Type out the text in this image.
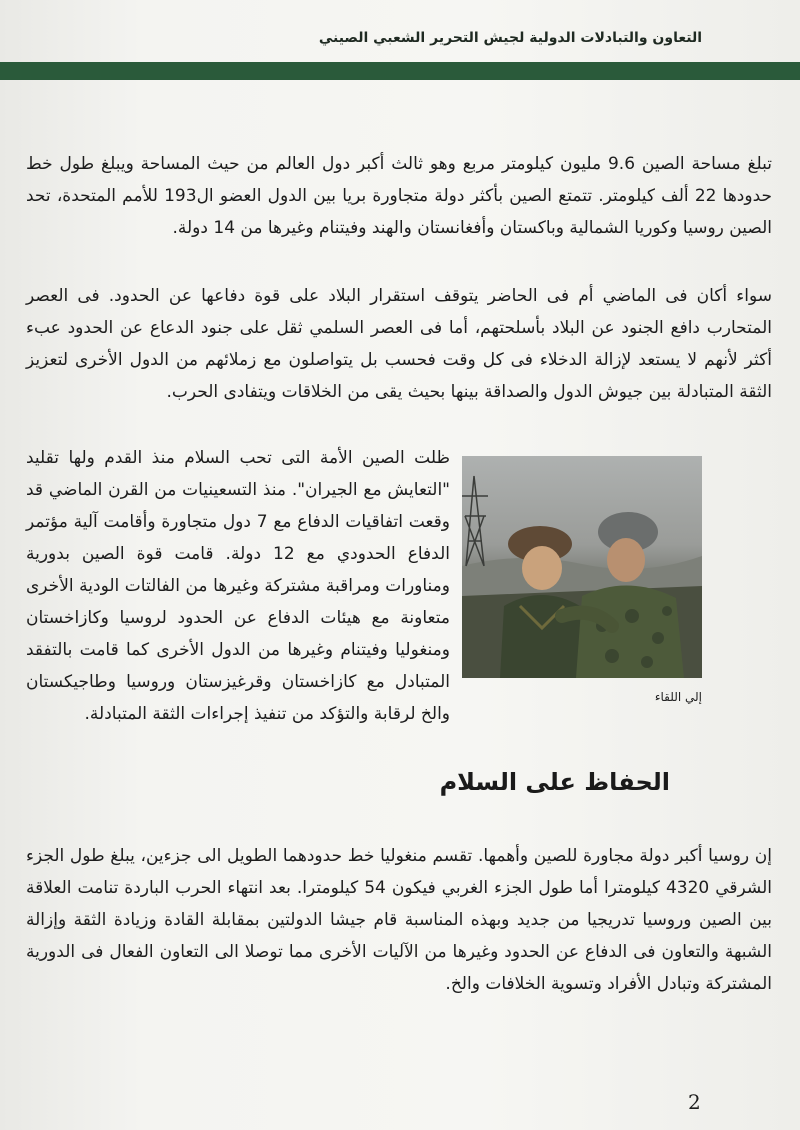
التعاون والتبادلات الدولية لجيش التحرير الشعبي الصيني
تبلغ مساحة الصين 9.6 مليون كيلومتر مربع وهو ثالث أكبر دول العالم من حيث المساحة ويبلغ طول خط حدودها 22 ألف كيلومتر. تتمتع الصين بأكثر دولة متجاورة بريا بين الدول العضو ال193 للأمم المتحدة، تحد الصين روسيا وكوريا الشمالية وباكستان وأفغانستان والهند وفيتنام وغيرها من 14 دولة.
سواء أكان فى الماضي أم فى الحاضر يتوقف استقرار البلاد على قوة دفاعها عن الحدود. فى العصر المتحارب دافع الجنود عن البلاد بأسلحتهم، أما فى العصر السلمي ثقل على جنود الدعاع عن الحدود عبء أكثر لأنهم لا يستعد لإزالة الدخلاء فى كل وقت فحسب بل يتواصلون مع زملائهم من الدول الأخرى لتعزيز الثقة المتبادلة بين جيوش الدول والصداقة بينها بحيث يقى من الخلاقات ويتفادى الحرب.
ظلت الصين الأمة التى تحب السلام منذ القدم ولها تقليد "التعايش مع الجيران". منذ التسعينيات من القرن الماضي قد وقعت اتفاقيات الدفاع مع 7 دول متجاورة وأقامت آلية مؤتمر الدفاع الحدودي مع 12 دولة. قامت قوة الصين بدورية ومناورات ومراقبة مشتركة وغيرها من الفالتات الودية الأخرى متعاونة مع هيئات الدفاع عن الحدود لروسيا وكازاخستان ومنغوليا وفيتنام وغيرها من الدول الأخرى كما قامت بالتفقد المتبادل مع كازاخستان وقرغيزستان وروسيا وطاجيكستان والخ لرقابة والتؤكد من تنفيذ إجراءات الثقة المتبادلة.
إلي اللقاء
الحفاظ على السلام
إن روسيا أكبر دولة مجاورة للصين وأهمها. تقسم منغوليا خط حدودهما الطويل الى جزءين، يبلغ طول الجزء الشرقي 4320 كيلومترا أما طول الجزء الغربي فيكون 54 كيلومترا. بعد انتهاء الحرب الباردة تنامت العلاقة بين الصين وروسيا تدريجيا من جديد وبهذه المناسبة قام جيشا الدولتين بمقابلة القادة وزيادة الثقة وإزالة الشبهة والتعاون فى الدفاع عن الحدود وغيرها من الآليات الأخرى مما توصلا الى التعاون الفعال فى الدورية المشتركة وتبادل الأفراد وتسوية الخلافات والخ.
2
